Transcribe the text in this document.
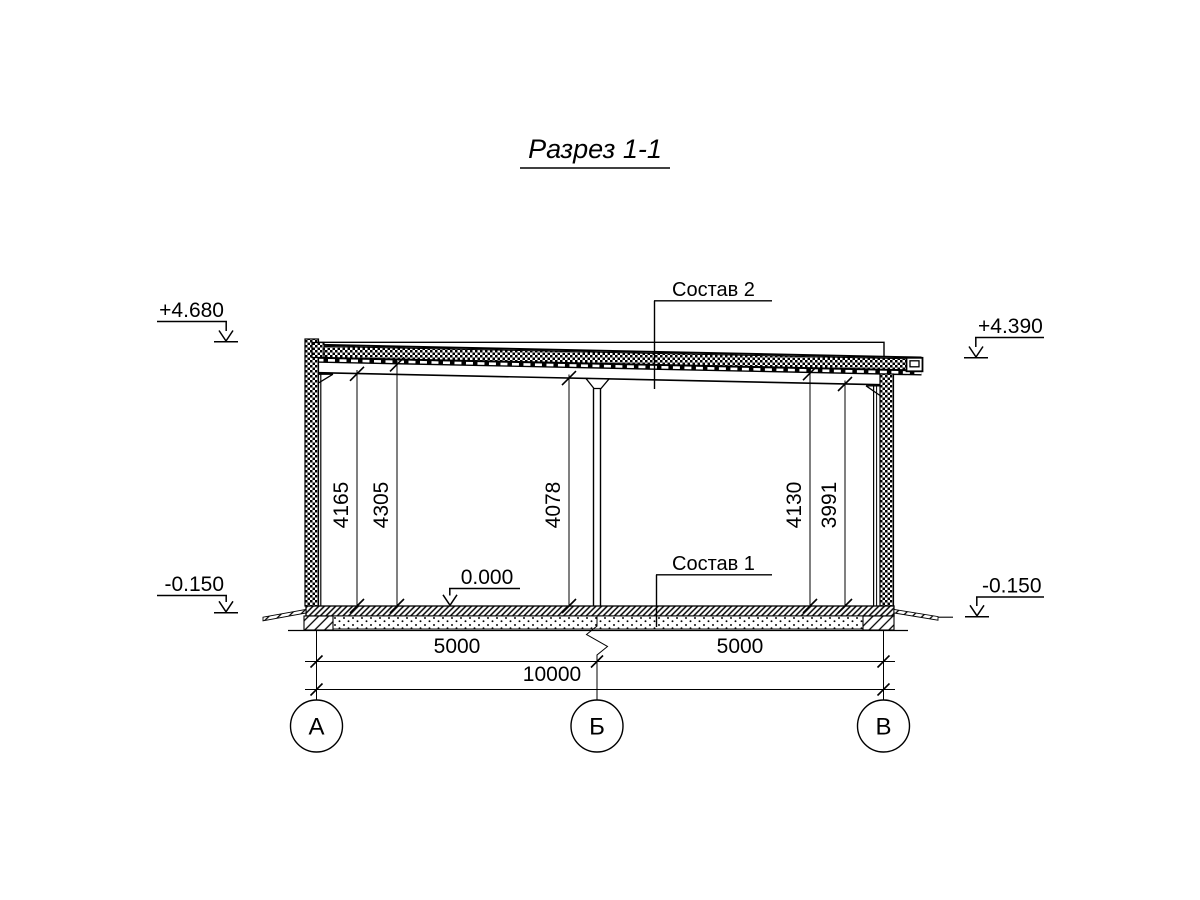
Разрез 1-1
+4.680
+4.390
0.000
-0.150	-0.150
Состав 2
Состав 1
4165 4305	4078	4130 3991
5000	5000
10000
А	Б	В
